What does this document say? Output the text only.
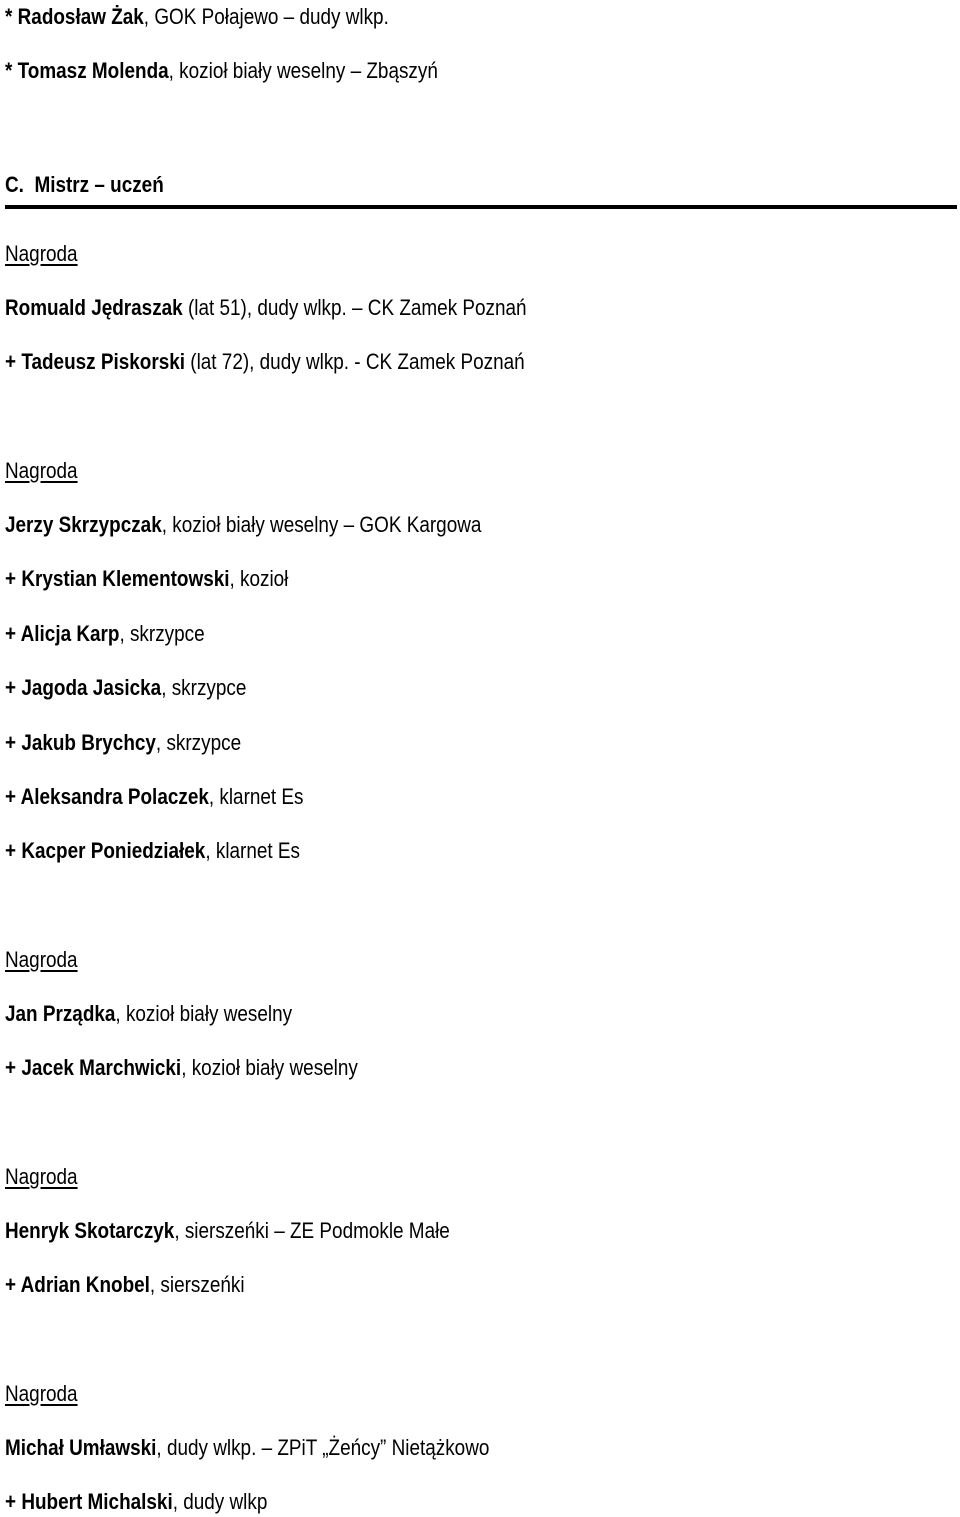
* Radosław Żak, GOK Połajewo – dudy wlkp.
* Tomasz Molenda, kozioł biały weselny – Zbąszyń
C. Mistrz – uczeń
Nagroda
Romuald Jędraszak (lat 51), dudy wlkp. – CK Zamek Poznań
+ Tadeusz Piskorski (lat 72), dudy wlkp. - CK Zamek Poznań
Nagroda
Jerzy Skrzypczak, kozioł biały weselny – GOK Kargowa
+ Krystian Klementowski, kozioł
+ Alicja Karp, skrzypce
+ Jagoda Jasicka, skrzypce
+ Jakub Brychcy, skrzypce
+ Aleksandra Polaczek, klarnet Es
+ Kacper Poniedziałek, klarnet Es
Nagroda
Jan Prządka, kozioł biały weselny
+ Jacek Marchwicki, kozioł biały weselny
Nagroda
Henryk Skotarczyk, sierszeńki – ZE Podmokle Małe
+ Adrian Knobel, sierszeńki
Nagroda
Michał Umławski, dudy wlkp. – ZPiT „Żeńcy” Nietążkowo
+ Hubert Michalski, dudy wlkp
